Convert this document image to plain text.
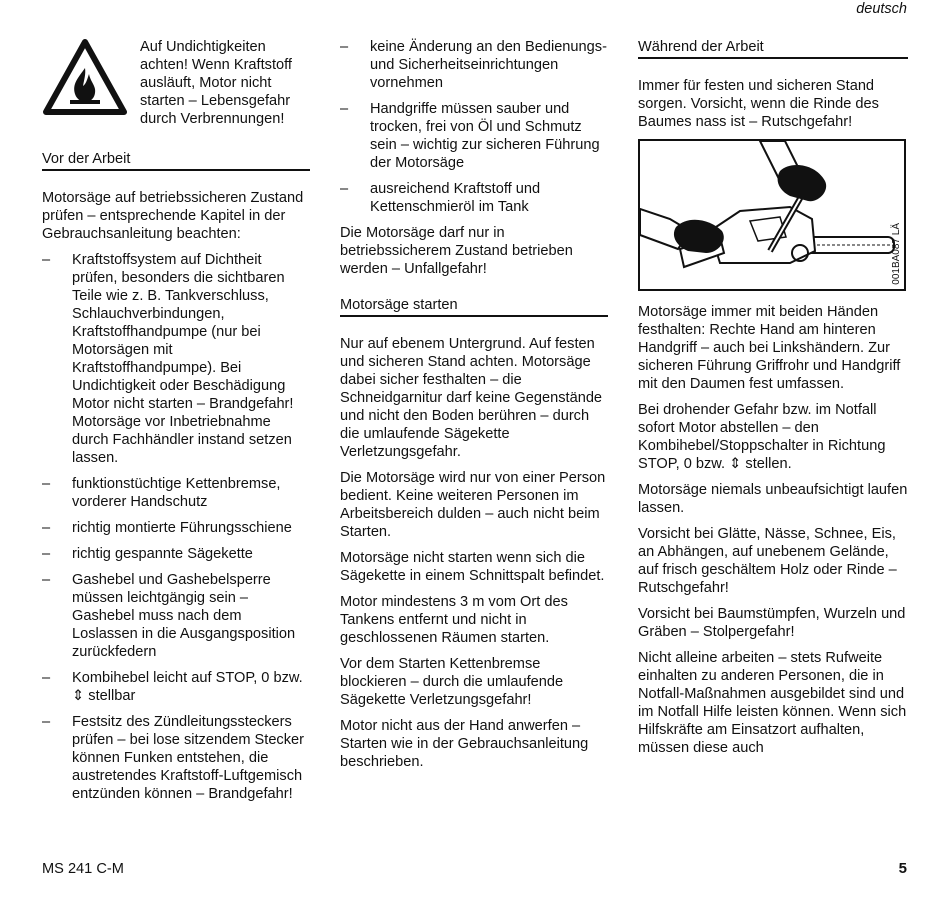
deutsch
Auf Undichtigkeiten achten! Wenn Kraftstoff ausläuft, Motor nicht starten – Lebensgefahr durch Verbrennungen!
Vor der Arbeit

Motorsäge auf betriebssicheren Zustand prüfen – entsprechende Kapitel in der Gebrauchsanleitung beachten:

–	Kraftstoffsystem auf Dichtheit prüfen, besonders die sichtbaren Teile wie z. B. Tankverschluss, Schlauchverbindungen, Kraftstoffhandpumpe (nur bei Motorsägen mit Kraftstoffhandpumpe). Bei Undichtigkeit oder Beschädigung Motor nicht starten – Brandgefahr! Motorsäge vor Inbetriebnahme durch Fachhändler instand setzen lassen.
–	funktionstüchtige Kettenbremse, vorderer Handschutz
–	richtig montierte Führungsschiene
–	richtig gespannte Sägekette
–	Gashebel und Gashebelsperre müssen leichtgängig sein – Gashebel muss nach dem Loslassen in die Ausgangsposition zurückfedern
–	Kombihebel leicht auf STOP, 0 bzw. ⇕ stellbar
–	Festsitz des Zündleitungssteckers prüfen – bei lose sitzendem Stecker können Funken entstehen, die austretendes Kraftstoff-Luftgemisch entzünden können – Brandgefahr!
–	keine Änderung an den Bedienungs- und Sicherheitseinrichtungen vornehmen
–	Handgriffe müssen sauber und trocken, frei von Öl und Schmutz sein – wichtig zur sicheren Führung der Motorsäge
–	ausreichend Kraftstoff und Kettenschmieröl im Tank

Die Motorsäge darf nur in betriebssicherem Zustand betrieben werden – Unfallgefahr!

Motorsäge starten

Nur auf ebenem Untergrund. Auf festen und sicheren Stand achten. Motorsäge dabei sicher festhalten – die Schneidgarnitur darf keine Gegenstände und nicht den Boden berühren – durch die umlaufende Sägekette Verletzungsgefahr.

Die Motorsäge wird nur von einer Person bedient. Keine weiteren Personen im Arbeitsbereich dulden – auch nicht beim Starten.

Motorsäge nicht starten wenn sich die Sägekette in einem Schnittspalt befindet.

Motor mindestens 3 m vom Ort des Tankens entfernt und nicht in geschlossenen Räumen starten.

Vor dem Starten Kettenbremse blockieren – durch die umlaufende Sägekette Verletzungsgefahr!

Motor nicht aus der Hand anwerfen – Starten wie in der Gebrauchsanleitung beschrieben.

Während der Arbeit

Immer für festen und sicheren Stand sorgen. Vorsicht, wenn die Rinde des Baumes nass ist – Rutschgefahr!

001BA087 LÄ

Motorsäge immer mit beiden Händen festhalten: Rechte Hand am hinteren Handgriff – auch bei Linkshändern. Zur sicheren Führung Griffrohr und Handgriff mit den Daumen fest umfassen.

Bei drohender Gefahr bzw. im Notfall sofort Motor abstellen – den Kombihebel/Stoppschalter in Richtung STOP, 0 bzw. ⇕ stellen.

Motorsäge niemals unbeaufsichtigt laufen lassen.

Vorsicht bei Glätte, Nässe, Schnee, Eis, an Abhängen, auf unebenem Gelände, auf frisch geschältem Holz oder Rinde – Rutschgefahr!

Vorsicht bei Baumstümpfen, Wurzeln und Gräben – Stolpergefahr!

Nicht alleine arbeiten – stets Rufweite einhalten zu anderen Personen, die in Notfall-Maßnahmen ausgebildet sind und im Notfall Hilfe leisten können. Wenn sich Hilfskräfte am Einsatzort aufhalten, müssen diese auch

MS 241 C-M	5
